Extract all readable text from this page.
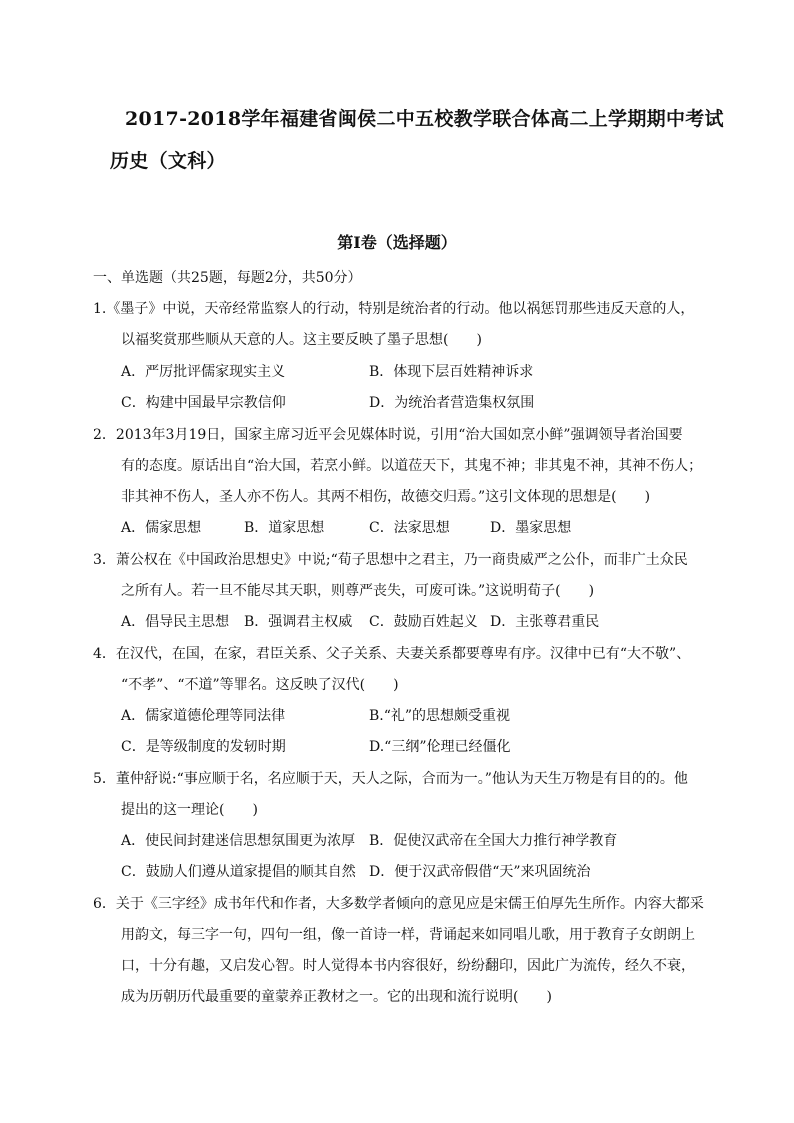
2017-2018学年福建省闽侯二中五校教学联合体高二上学期期中考试
历史（文科）
第I卷（选择题）
一、单选题（共25题，每题2分，共50分）
1.《墨子》中说，天帝经常监察人的行动，特别是统治者的行动。他以祸惩罚那些违反天意的人，
以福奖赏那些顺从天意的人。这主要反映了墨子思想(　　)
A．严厉批评儒家现实主义	B．体现下层百姓精神诉求
C．构建中国最早宗教信仰	D．为统治者营造集权氛围
2．2013年3月19日，国家主席习近平会见媒体时说，引用“治大国如烹小鲜”强调领导者治国要
有的态度。原话出自“治大国，若烹小鲜。以道莅天下，其鬼不神；非其鬼不神，其神不伤人；
非其神不伤人，圣人亦不伤人。其两不相伤，故德交归焉。”这引文体现的思想是(　　)
A．儒家思想	B．道家思想	C．法家思想	D．墨家思想
3．萧公权在《中国政治思想史》中说;“荀子思想中之君主，乃一商贵威严之公仆，而非广土众民
之所有人。若一旦不能尽其天职，则尊严丧失，可废可诛。”这说明荀子(　　)
A．倡导民主思想 B．强调君主权威 C．鼓励百姓起义 D．主张尊君重民
4．在汉代，在国，在家，君臣关系、父子关系、夫妻关系都要尊卑有序。汉律中已有“大不敬”、
“不孝”、“不道”等罪名。这反映了汉代(　　)
A．儒家道德伦理等同法律	B.“礼”的思想颇受重视
C．是等级制度的发轫时期	D.“三纲”伦理已经僵化
5．董仲舒说:“事应顺于名，名应顺于天，天人之际，合而为一。”他认为天生万物是有目的的。他
提出的这一理论(　　)
A．使民间封建迷信思想氛围更为浓厚 B．促使汉武帝在全国大力推行神学教育
C．鼓励人们遵从道家提倡的顺其自然 D．便于汉武帝假借“天”来巩固统治
6．关于《三字经》成书年代和作者，大多数学者倾向的意见应是宋儒王伯厚先生所作。内容大都采
用韵文，每三字一句，四句一组，像一首诗一样，背诵起来如同唱儿歌，用于教育子女朗朗上
口，十分有趣，又启发心智。时人觉得本书内容很好，纷纷翻印，因此广为流传，经久不衰，
成为历朝历代最重要的童蒙养正教材之一。它的出现和流行说明(　　)
